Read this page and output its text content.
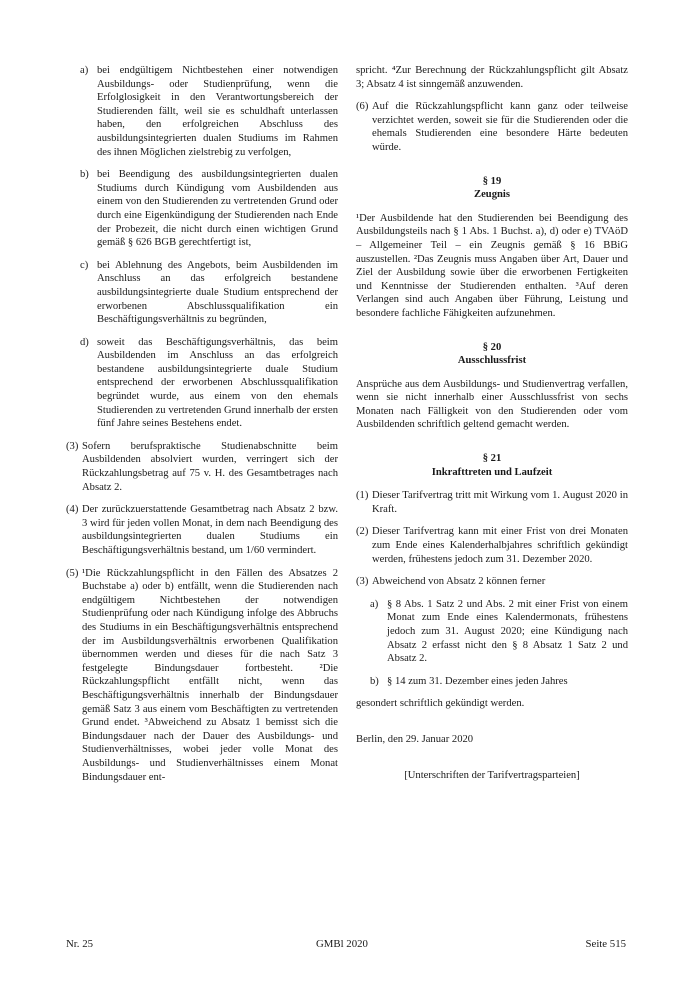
a) bei endgültigem Nichtbestehen einer notwendigen Ausbildungs- oder Studienprüfung, wenn die Erfolglosigkeit in den Verantwortungsbereich der Studierenden fällt, weil sie es schuldhaft unterlassen haben, den erfolgreichen Abschluss des ausbildungsintegrierten dualen Studiums im Rahmen des ihnen Möglichen zielstrebig zu verfolgen,
b) bei Beendigung des ausbildungsintegrierten dualen Studiums durch Kündigung vom Ausbildenden aus einem von den Studierenden zu vertretenden Grund oder durch eine Eigenkündigung der Studierenden nach Ende der Probezeit, die nicht durch einen wichtigen Grund gemäß § 626 BGB gerechtfertigt ist,
c) bei Ablehnung des Angebots, beim Ausbildenden im Anschluss an das erfolgreich bestandene ausbildungsintegrierte duale Studium entsprechend der erworbenen Abschlussqualifikation ein Beschäftigungsverhältnis zu begründen,
d) soweit das Beschäftigungsverhältnis, das beim Ausbildenden im Anschluss an das erfolgreich bestandene ausbildungsintegrierte duale Studium entsprechend der erworbenen Abschlussqualifikation begründet wurde, aus einem von den ehemals Studierenden zu vertretenden Grund innerhalb der ersten fünf Jahre seines Bestehens endet.
(3) Sofern berufspraktische Studienabschnitte beim Ausbildenden absolviert wurden, verringert sich der Rückzahlungsbetrag auf 75 v. H. des Gesamtbetrages nach Absatz 2.
(4) Der zurückzuerstattende Gesamtbetrag nach Absatz 2 bzw. 3 wird für jeden vollen Monat, in dem nach Beendigung des ausbildungsintegrierten dualen Studiums ein Beschäftigungsverhältnis bestand, um 1/60 vermindert.
(5) ¹Die Rückzahlungspflicht in den Fällen des Absatzes 2 Buchstabe a) oder b) entfällt, wenn die Studierenden nach endgültigem Nichtbestehen der notwendigen Studienprüfung oder nach Kündigung infolge des Abbruchs des Studiums in ein Beschäftigungsverhältnis entsprechend der im Ausbildungsverhältnis erworbenen Qualifikation übernommen werden und dieses für die nach Satz 3 festgelegte Bindungsdauer fortbesteht. ²Die Rückzahlungspflicht entfällt nicht, wenn das Beschäftigungsverhältnis innerhalb der Bindungsdauer gemäß Satz 3 aus einem vom Beschäftigten zu vertretenden Grund endet. ³Abweichend zu Absatz 1 bemisst sich die Bindungsdauer nach der Dauer des Ausbildungs- und Studienverhältnisses, wobei jeder volle Monat des Ausbildungs- und Studienverhältnisses einem Monat Bindungsdauer ent-

spricht. ⁴Zur Berechnung der Rückzahlungspflicht gilt Absatz 3; Absatz 4 ist sinngemäß anzuwenden.

(6) Auf die Rückzahlungspflicht kann ganz oder teilweise verzichtet werden, soweit sie für die Studierenden oder die ehemals Studierenden eine besondere Härte bedeuten würde.
§ 19
Zeugnis

¹Der Ausbildende hat den Studierenden bei Beendigung des Ausbildungsteils nach § 1 Abs. 1 Buchst. a), d) oder e) TVAöD – Allgemeiner Teil – ein Zeugnis gemäß § 16 BBiG auszustellen. ²Das Zeugnis muss Angaben über Art, Dauer und Ziel der Ausbildung sowie über die erworbenen Fertigkeiten und Kenntnisse der Studierenden enthalten. ³Auf deren Verlangen sind auch Angaben über Führung, Leistung und besondere fachliche Fähigkeiten aufzunehmen.

§ 20
Ausschlussfrist

Ansprüche aus dem Ausbildungs- und Studienvertrag verfallen, wenn sie nicht innerhalb einer Ausschlussfrist von sechs Monaten nach Fälligkeit von den Studierenden oder vom Ausbildenden schriftlich geltend gemacht werden.

§ 21
Inkrafttreten und Laufzeit
(1) Dieser Tarifvertrag tritt mit Wirkung vom 1. August 2020 in Kraft.
(2) Dieser Tarifvertrag kann mit einer Frist von drei Monaten zum Ende eines Kalenderhalbjahres schriftlich gekündigt werden, frühestens jedoch zum 31. Dezember 2020.
(3) Abweichend von Absatz 2 können ferner
a) § 8 Abs. 1 Satz 2 und Abs. 2 mit einer Frist von einem Monat zum Ende eines Kalendermonats, frühestens jedoch zum 31. August 2020; eine Kündigung nach Absatz 2 erfasst nicht den § 8 Absatz 1 Satz 2 und Absatz 2.
b) § 14 zum 31. Dezember eines jeden Jahres

gesondert schriftlich gekündigt werden.

Berlin, den 29. Januar 2020

[Unterschriften der Tarifvertragsparteien]

Nr. 25	GMBl 2020	Seite 515
